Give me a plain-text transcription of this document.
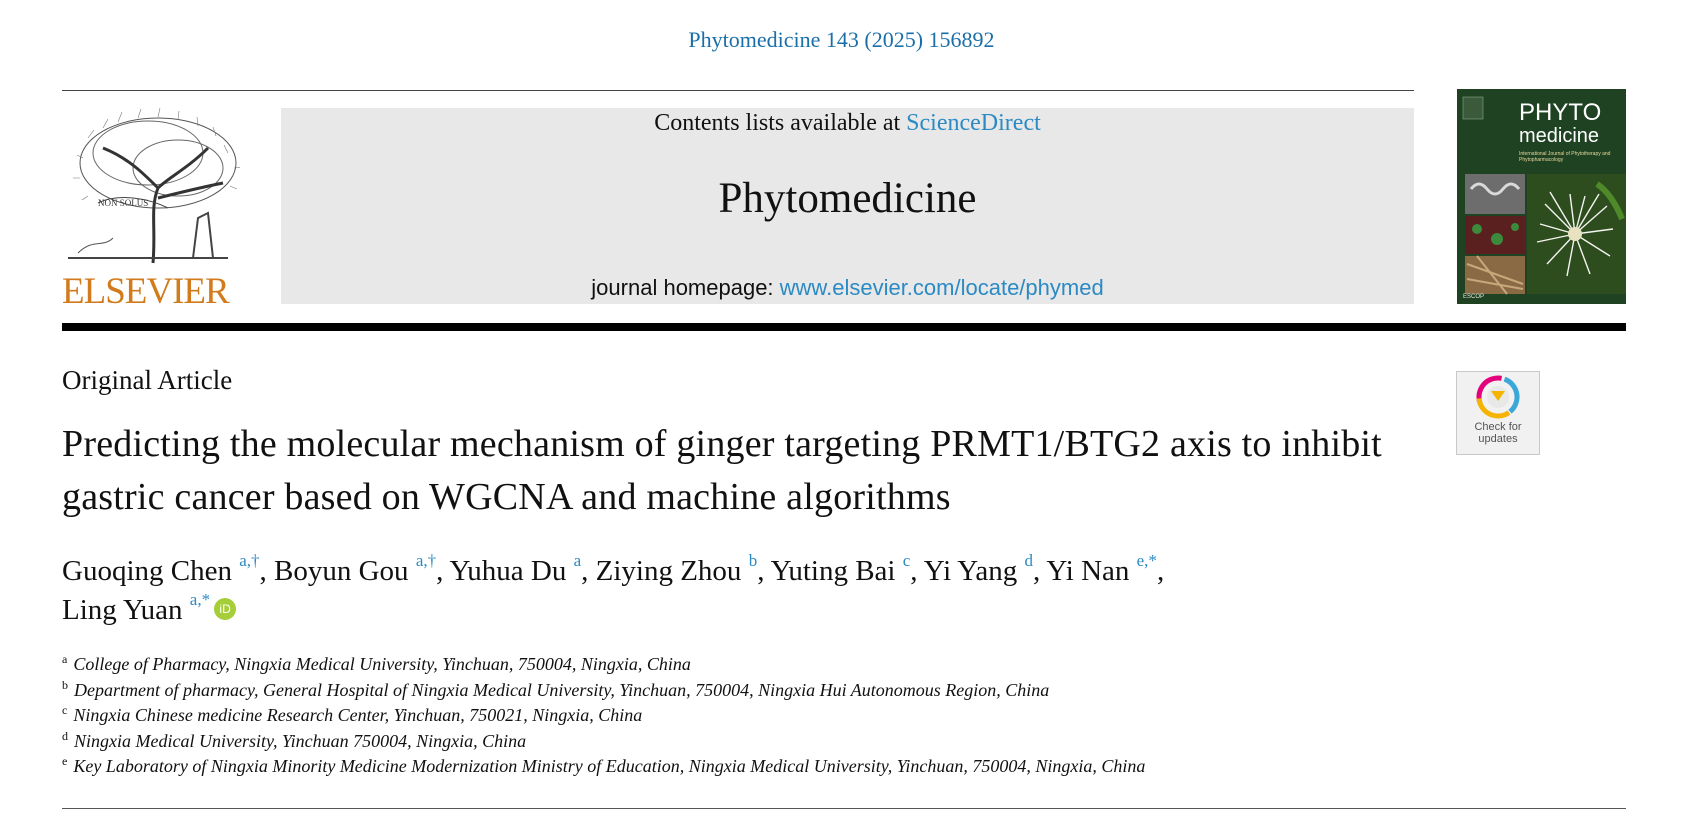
Phytomedicine 143 (2025) 156892
NON SOLUS
ELSEVIER
Contents lists available at ScienceDirect
Phytomedicine
journal homepage: www.elsevier.com/locate/phymed
PHYTO
medicine
International Journal of Phytotherapy and Phytopharmacology
ESCOP
Original Article
Check for
updates
Predicting the molecular mechanism of ginger targeting PRMT1/BTG2 axis to inhibit gastric cancer based on WGCNA and machine algorithms
Guoqing Chen $^{a,\dagger}$, Boyun Gou $^{a,\dagger}$, Yuhua Du $^a$, Ziying Zhou $^b$, Yuting Bai $^c$, Yi Yang $^d$, Yi Nan $^{e,*}$,
Ling Yuan $^{a,*}$ iD
$^a$ College of Pharmacy, Ningxia Medical University, Yinchuan, 750004, Ningxia, China
$^b$ Department of pharmacy, General Hospital of Ningxia Medical University, Yinchuan, 750004, Ningxia Hui Autonomous Region, China
$^c$ Ningxia Chinese medicine Research Center, Yinchuan, 750021, Ningxia, China
$^d$ Ningxia Medical University, Yinchuan 750004, Ningxia, China
$^e$ Key Laboratory of Ningxia Minority Medicine Modernization Ministry of Education, Ningxia Medical University, Yinchuan, 750004, Ningxia, China
